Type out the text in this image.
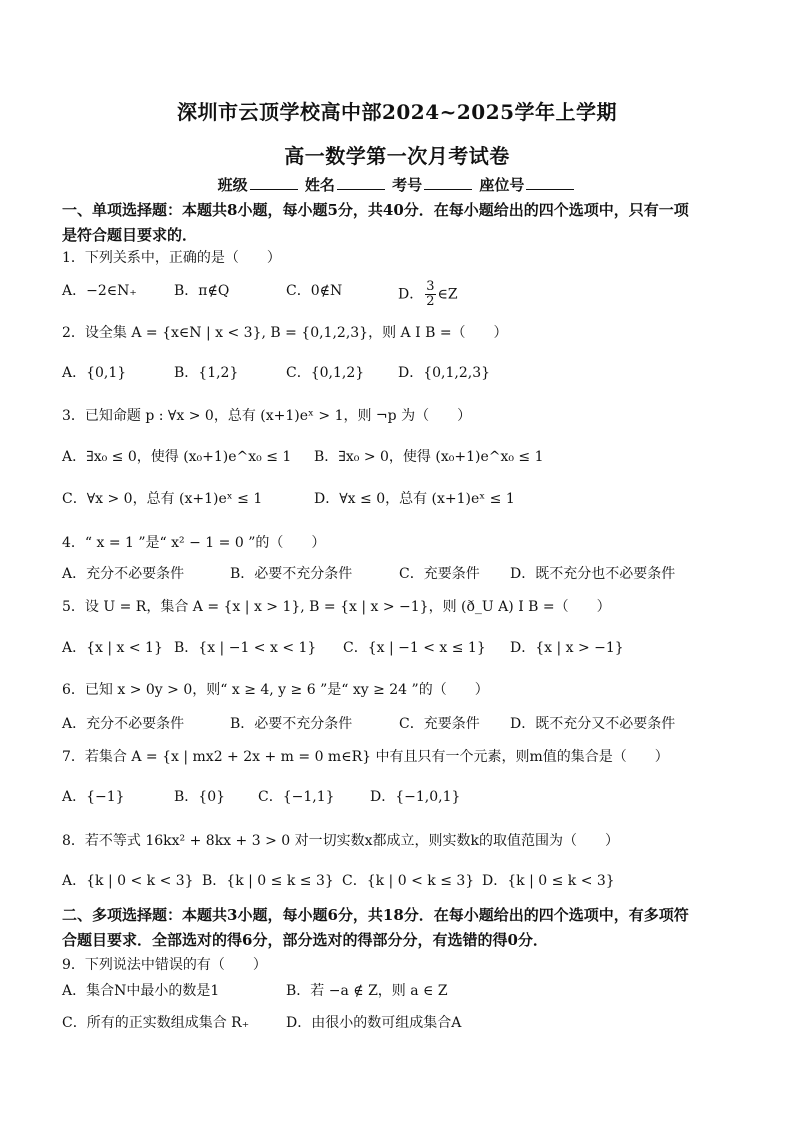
深圳市云顶学校高中部2024~2025学年上学期
高一数学第一次月考试卷
班级	姓名	考号	座位号
一、单项选择题：本题共8小题，每小题5分，共40分．在每小题给出的四个选项中，只有一项
是符合题目要求的．
1．下列关系中，正确的是（　　）
A．−2∈N₊	B．π∉Q	C．0∉N	D． $\frac{3}{2}$ ∈Z
2．设全集 A = {x∈N | x < 3}, B = {0,1,2,3}，则 A I B =（　　）
A．{0,1}	B．{1,2}	C．{0,1,2} D．{0,1,2,3}
3．已知命题 p : ∀x > 0，总有 (x+1)eˣ > 1，则 ¬p 为（　　）
A．∃x₀ ≤ 0，使得 (x₀+1)e^x₀ ≤ 1 B．∃x₀ > 0，使得 (x₀+1)e^x₀ ≤ 1
C．∀x > 0，总有 (x+1)eˣ ≤ 1	D．∀x ≤ 0，总有 (x+1)eˣ ≤ 1
4．“ x = 1 ”是“ x² − 1 = 0 ”的（　　）
A．充分不必要条件	B．必要不充分条件	C．充要条件 D．既不充分也不必要条件
5．设 U = R，集合 A = {x | x > 1}, B = {x | x > −1}，则 (ð_U A) I B =（　　）
A．{x | x < 1} B．{x | −1 < x < 1} C．{x | −1 < x ≤ 1} D．{x | x > −1}
6．已知 x > 0y > 0，则“ x ≥ 4, y ≥ 6 ”是“ xy ≥ 24 ”的（　　）
A．充分不必要条件	B．必要不充分条件	C．充要条件 D．既不充分又不必要条件
7．若集合 A = {x | mx2 + 2x + m = 0 m∈R} 中有且只有一个元素，则m值的集合是（　　）
A．{−1}	B．{0} C．{−1,1}	D．{−1,0,1}
8．若不等式 16kx² + 8kx + 3 > 0 对一切实数x都成立，则实数k的取值范围为（　　）
A．{k | 0 < k < 3} B．{k | 0 ≤ k ≤ 3} C．{k | 0 < k ≤ 3} D．{k | 0 ≤ k < 3}
二、多项选择题：本题共3小题，每小题6分，共18分．在每小题给出的四个选项中，有多项符
合题目要求．全部选对的得6分，部分选对的得部分分，有选错的得0分．
9．下列说法中错误的有（　　）
A．集合N中最小的数是1	B．若 −a ∉ Z，则 a ∈ Z
C．所有的正实数组成集合 R₊	D．由很小的数可组成集合A
